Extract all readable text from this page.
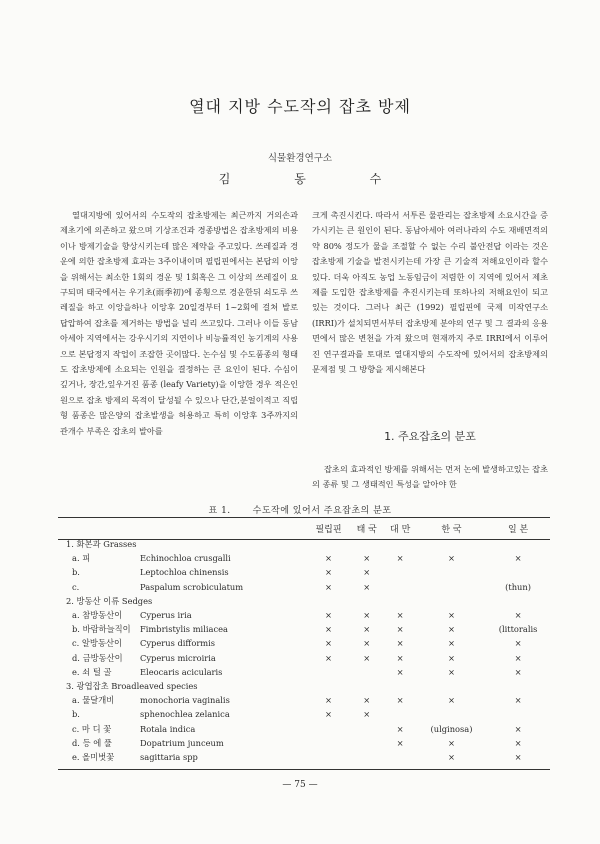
열대 지방 수도작의 잡초 방제
식물환경연구소
김 동 수

열대지방에 있어서의 수도작의 잡초방제는 최근까지 거의손과 제초기에 의존하고 왔으며 기상조건과 경종방법은 잡초방제의 비용이나 방제기술을 향상시키는데 많은 제약을 주고있다. 쓰레질과 경운에 의한 잡초방제 효과는 3주이내이며 필립핀에서는 본답의 이앙을 위해서는 최소한 1회의 경운 및 1회혹은 그 이상의 쓰레질이 요구되며 태국에서는 우기초(雨季初)에 종횡으로 경운한뒤 쇠도루 쓰레질을 하고 이앙을하나 이앙후 20일경부터 1~2회에 걸쳐 발로 답압하여 잡초를 제거하는 방법을 널리 쓰고있다. 그러나 이들 동남아세아 지역에서는 강우시기의 지연이나 비능률적인 농기계의 사용으로 본답정지 작업이 조잡한 곳이많다. 논수심 및 수도품종의 형태도 잡초방제에 소요되는 인원을 결정하는 큰 요인이 된다. 수심이 깊거나, 장간,잎우거진 품종 (leafy Variety)을 이앙한 경우 적은인원으로 잡초 방제의 목적이 달성될 수 있으나 단간,분얼이적고 직립형 품종은 많은양의 잡초발생을 허용하고 특히 이앙후 3주까지의 관개수 부족은 잡초의 발아를

크게 촉진시킨다. 따라서 서투른 물관리는 잡초방제 소요시간을 증가시키는 큰 원인이 된다. 동남아세아 여러나라의 수도 재배면적의 약 80% 정도가 물을 조절할 수 없는 수리 불안전답 이라는 것은 잡초방제 기술을 발전시키는데 가장 큰 기술적 저해요인이라 할수 있다. 더욱 아직도 농업 노동임금이 저렴한 이 지역에 있어서 제초제를 도입한 잡초방제를 추진시키는데 또하나의 저해요인이 되고있는 것이다. 그러나 최근 (1992) 필립핀에 국제 미작연구소 (IRRI)가 설치되면서부터 잡초방제 분야의 연구 및 그 결과의 응용면에서 많은 변천을 가져 왔으며 현재까지 주로 IRRI에서 이루어진 연구결과를 토대로 열대지방의 수도작에 있어서의 잡초방제의 문제점 및 그 방향을 제시해본다

1. 주요잡초의 분포

잡초의 효과적인 방제를 위해서는 먼저 논에 발생하고있는 잡초의 종류 및 그 생태적인 특성을 알아야 한

표 1. 수도작에 있어서 주요잡초의 분포
	필립핀	태 국	대 만	한 국	일 본
1. 화본과 Grasses					
a. 피 Echinochloa crusgalli	×	×	×	×	×
b. Leptochloa chinensis	×	×			
c. Paspalum scrobiculatum	×	×			(thun)
2. 방동산 이류 Sedges					
a. 참방동산이 Cyperus iria	×	×	×	×	×
b. 바람하늘직이 Fimbristylis miliacea	×	×	×	×	(littoralis
c. 알방동산이 Cyperus difformis	×	×	×	×	×
d. 금방동산이 Cyperus microiria	×	×	×	×	×
e. 쇠 털 골 Eleocaris acicularis			×	×	×
3. 광엽잡초 Broadleaved species					
a. 물달개비 monochoria vaginalis	×	×	×	×	×
b. sphenochlea zelanica	×	×			
c. 마 디 꽃 Rotala indica			×	(ulginosa)	×
d. 등 에 풀 Dopatrium junceum			×	×	×
e. 올미벗꽃 sagittaria spp				×	×
— 75 —
